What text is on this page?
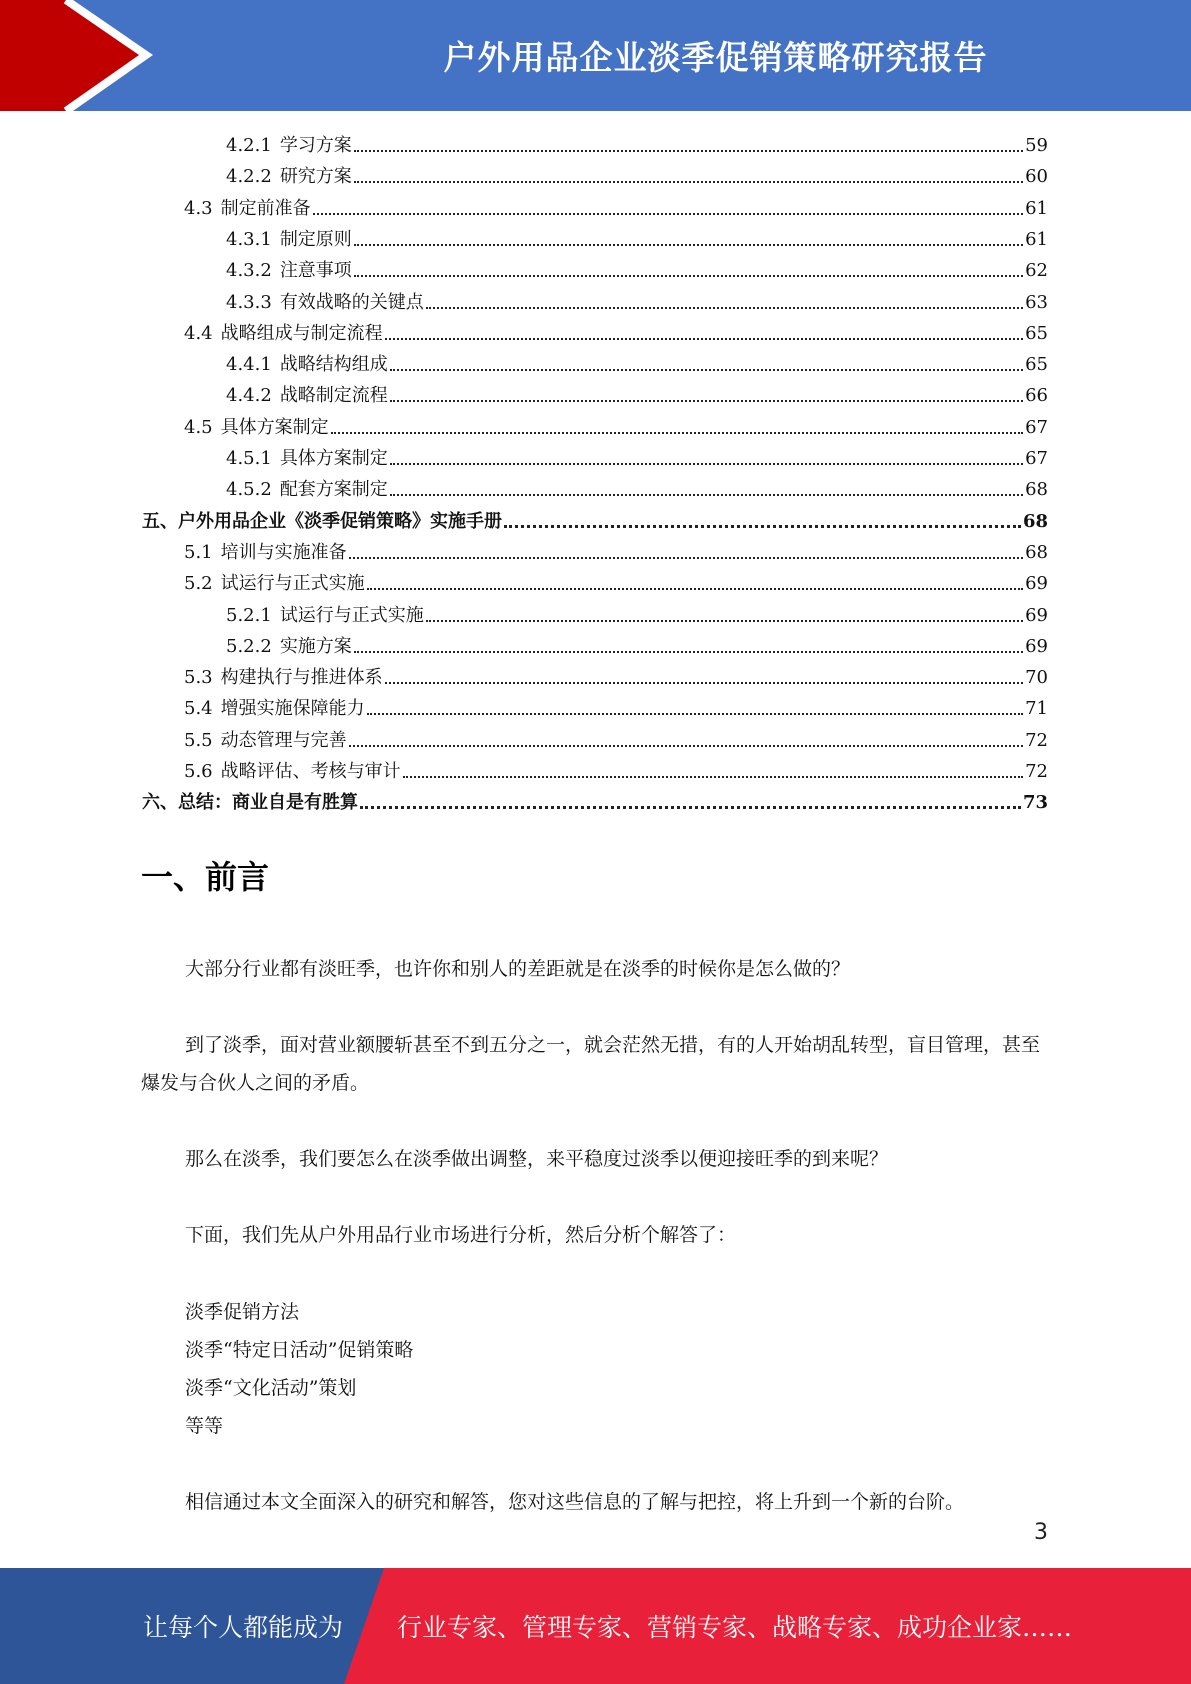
户外用品企业淡季促销策略研究报告
4.2.1 学习方案	59
4.2.2 研究方案	60
4.3 制定前准备	61
4.3.1 制定原则	61
4.3.2 注意事项	62
4.3.3 有效战略的关键点	63
4.4 战略组成与制定流程	65
4.4.1 战略结构组成	65
4.4.2 战略制定流程	66
4.5 具体方案制定	67
4.5.1 具体方案制定	67
4.5.2 配套方案制定	68
五、 户外用品企业《淡季促销策略》实施手册	68
5.1 培训与实施准备	68
5.2 试运行与正式实施	69
5.2.1 试运行与正式实施	69
5.2.2 实施方案	69
5.3 构建执行与推进体系	70
5.4 增强实施保障能力	71
5.5 动态管理与完善	72
5.6 战略评估、考核与审计	72
六、 总结：商业自是有胜算	73
一、前言
大部分行业都有淡旺季，也许你和别人的差距就是在淡季的时候你是怎么做的？
到了淡季，面对营业额腰斩甚至不到五分之一，就会茫然无措，有的人开始胡乱转型，盲目管理，甚至爆发与合伙人之间的矛盾。
那么在淡季，我们要怎么在淡季做出调整，来平稳度过淡季以便迎接旺季的到来呢？
下面，我们先从户外用品行业市场进行分析，然后分析个解答了：
淡季促销方法
淡季“特定日活动”促销策略
淡季“文化活动”策划
等等
相信通过本文全面深入的研究和解答，您对这些信息的了解与把控，将上升到一个新的台阶。
3
让每个人都能成为 行业专家、管理专家、营销专家、战略专家、成功企业家……
